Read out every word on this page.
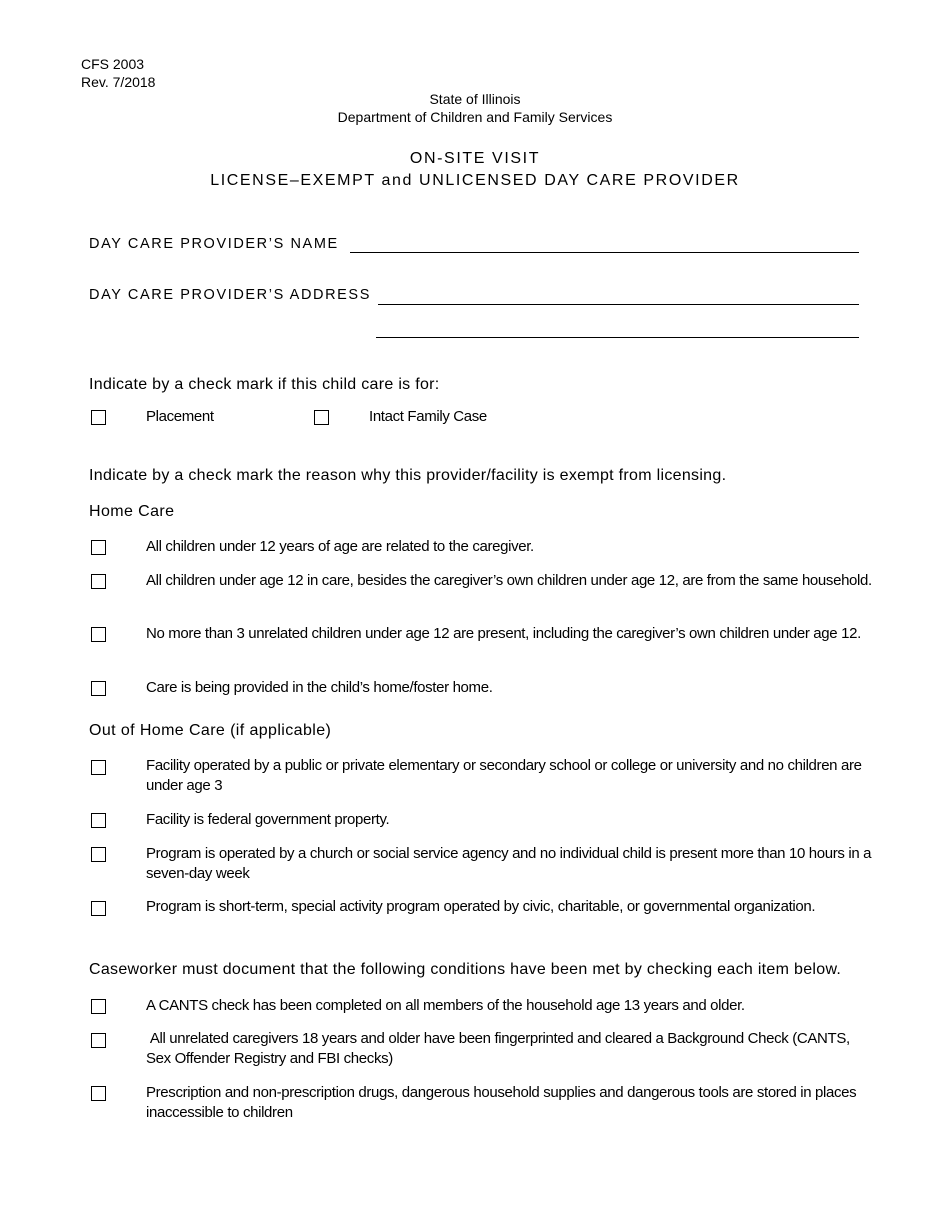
CFS 2003
Rev. 7/2018
State of Illinois
Department of Children and Family Services
ON-SITE VISIT
LICENSE–EXEMPT and UNLICENSED DAY CARE PROVIDER
DAY CARE PROVIDER’S NAME
DAY CARE PROVIDER’S ADDRESS
Indicate by a check mark if this child care is for:
Placement	Intact Family Case
Indicate by a check mark the reason why this provider/facility is exempt from licensing.
Home Care
All children under 12 years of age are related to the caregiver.
All children under age 12 in care, besides the caregiver’s own children under age 12, are from the same household.
No more than 3 unrelated children under age 12 are present, including the caregiver’s own children under age 12.
Care is being provided in the child’s home/foster home.
Out of Home Care (if applicable)
Facility operated by a public or private elementary or secondary school or college or university and no children are under age 3
Facility is federal government property.
Program is operated by a church or social service agency and no individual child is present more than 10 hours in a seven-day week
Program is short-term, special activity program operated by civic, charitable, or governmental organization.
Caseworker must document that the following conditions have been met by checking each item below.
A CANTS check has been completed on all members of the household age 13 years and older.
All unrelated caregivers 18 years and older have been fingerprinted and cleared a Background Check (CANTS, Sex Offender Registry and FBI checks)
Prescription and non-prescription drugs, dangerous household supplies and dangerous tools are stored in places inaccessible to children
